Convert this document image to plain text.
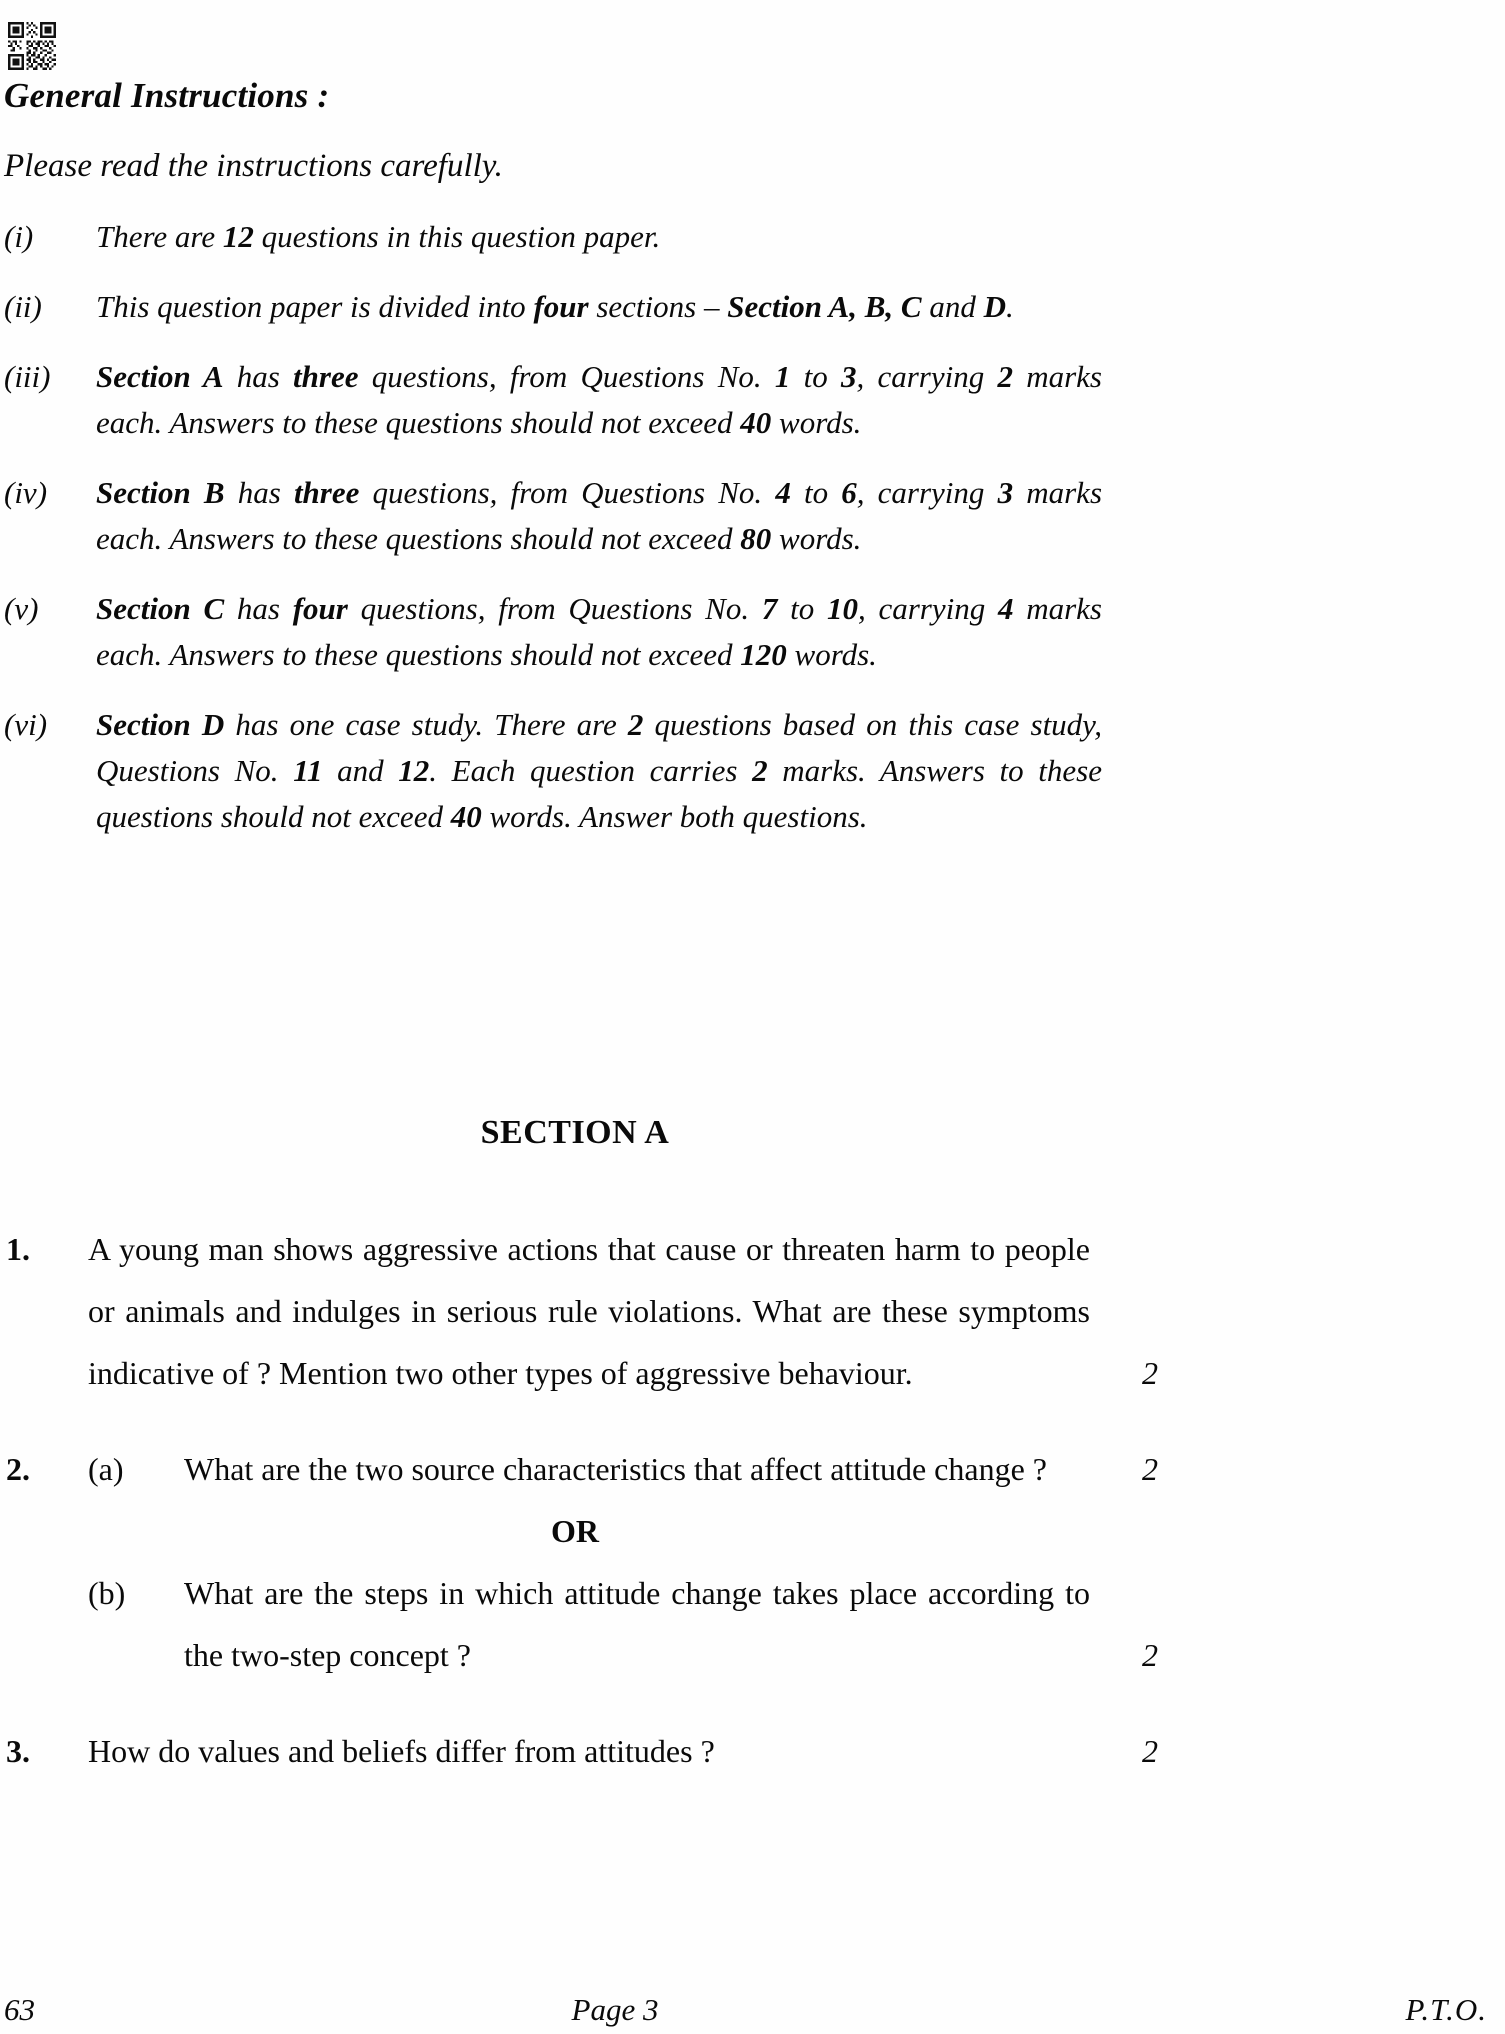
General Instructions :
Please read the instructions carefully.
(i)	There are 12 questions in this question paper.
(ii)	This question paper is divided into four sections – Section A, B, C and D.
(iii)	Section A has three questions, from Questions No. 1 to 3, carrying 2 marks each. Answers to these questions should not exceed 40 words.
(iv)	Section B has three questions, from Questions No. 4 to 6, carrying 3 marks each. Answers to these questions should not exceed 80 words.
(v)	Section C has four questions, from Questions No. 7 to 10, carrying 4 marks each. Answers to these questions should not exceed 120 words.
(vi)	Section D has one case study. There are 2 questions based on this case study, Questions No. 11 and 12. Each question carries 2 marks. Answers to these questions should not exceed 40 words. Answer both questions.
SECTION A
1.	A young man shows aggressive actions that cause or threaten harm to people or animals and indulges in serious rule violations. What are these symptoms indicative of ? Mention two other types of aggressive behaviour.	2
2.	(a)	What are the two source characteristics that affect attitude change ?	2
OR
(b)	What are the steps in which attitude change takes place according to the two-step concept ?	2
3.	How do values and beliefs differ from attitudes ?	2
63	Page 3	P.T.O.
